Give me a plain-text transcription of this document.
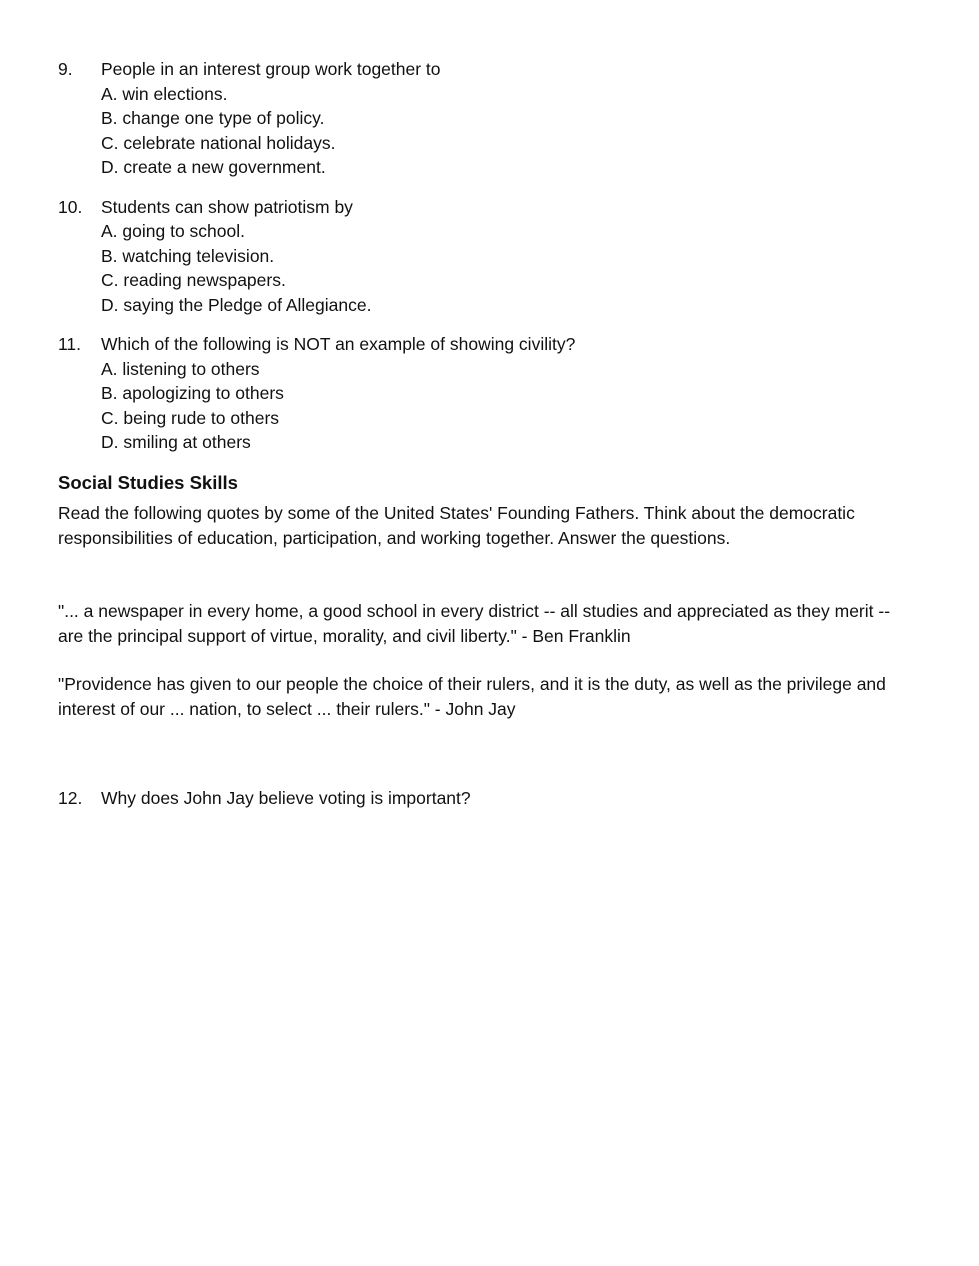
9.	People in an interest group work together to
A. win elections.
B. change one type of policy.
C. celebrate national holidays.
D. create a new government.
10.	Students can show patriotism by
A. going to school.
B. watching television.
C. reading newspapers.
D. saying the Pledge of Allegiance.
11.	Which of the following is NOT an example of showing civility?
A. listening to others
B. apologizing to others
C. being rude to others
D. smiling at others
Social Studies Skills

Read the following quotes by some of the United States' Founding Fathers. Think about the democratic responsibilities of education, participation, and working together. Answer the questions.

"... a newspaper in every home, a good school in every district -- all studies and appreciated as they merit -- are the principal support of virtue, morality, and civil liberty." - Ben Franklin

"Providence has given to our people the choice of their rulers, and it is the duty, as well as the privilege and interest of our ... nation, to select ... their rulers." - John Jay

12.	Why does John Jay believe voting is important?
